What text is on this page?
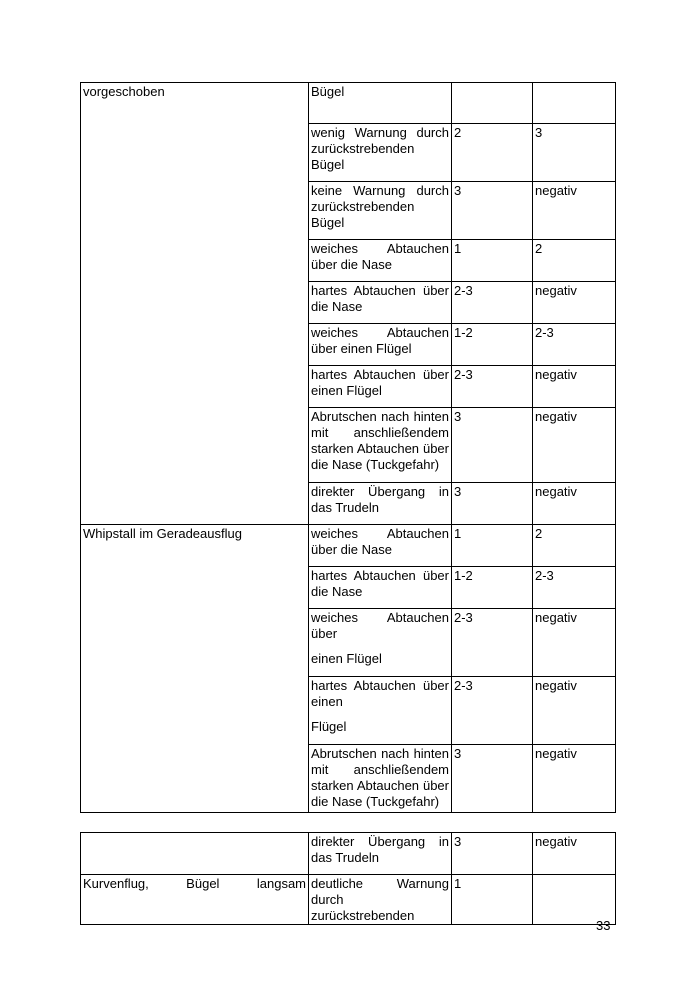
vorgeschoben	Bügel		

	wenig Warnung durch zurückstrebenden Bügel	2	3

	keine Warnung durch zurückstrebenden Bügel	3	negativ

	weiches Abtauchen über die Nase	1	2

	hartes Abtauchen über die Nase	2-3	negativ

	weiches Abtauchen über einen Flügel	1-2	2-3

	hartes Abtauchen über einen Flügel	2-3	negativ

	Abrutschen nach hinten mit anschließendem starken Abtauchen über die Nase (Tuckgefahr)	3	negativ

	direkter Übergang in das Trudeln	3	negativ

Whipstall im Geradeausflug	weiches Abtauchen über die Nase	1	2

	hartes Abtauchen über die Nase	1-2	2-3

	weiches Abtauchen über
einen Flügel	2-3	negativ

	hartes Abtauchen über einen
Flügel	2-3	negativ

	Abrutschen nach hinten mit anschließendem starken Abtauchen über die Nase (Tuckgefahr)	3	negativ

	direkter Übergang in das Trudeln	3	negativ

Kurvenflug, Bügel langsam	deutliche Warnung durch zurückstrebenden	1	
33
